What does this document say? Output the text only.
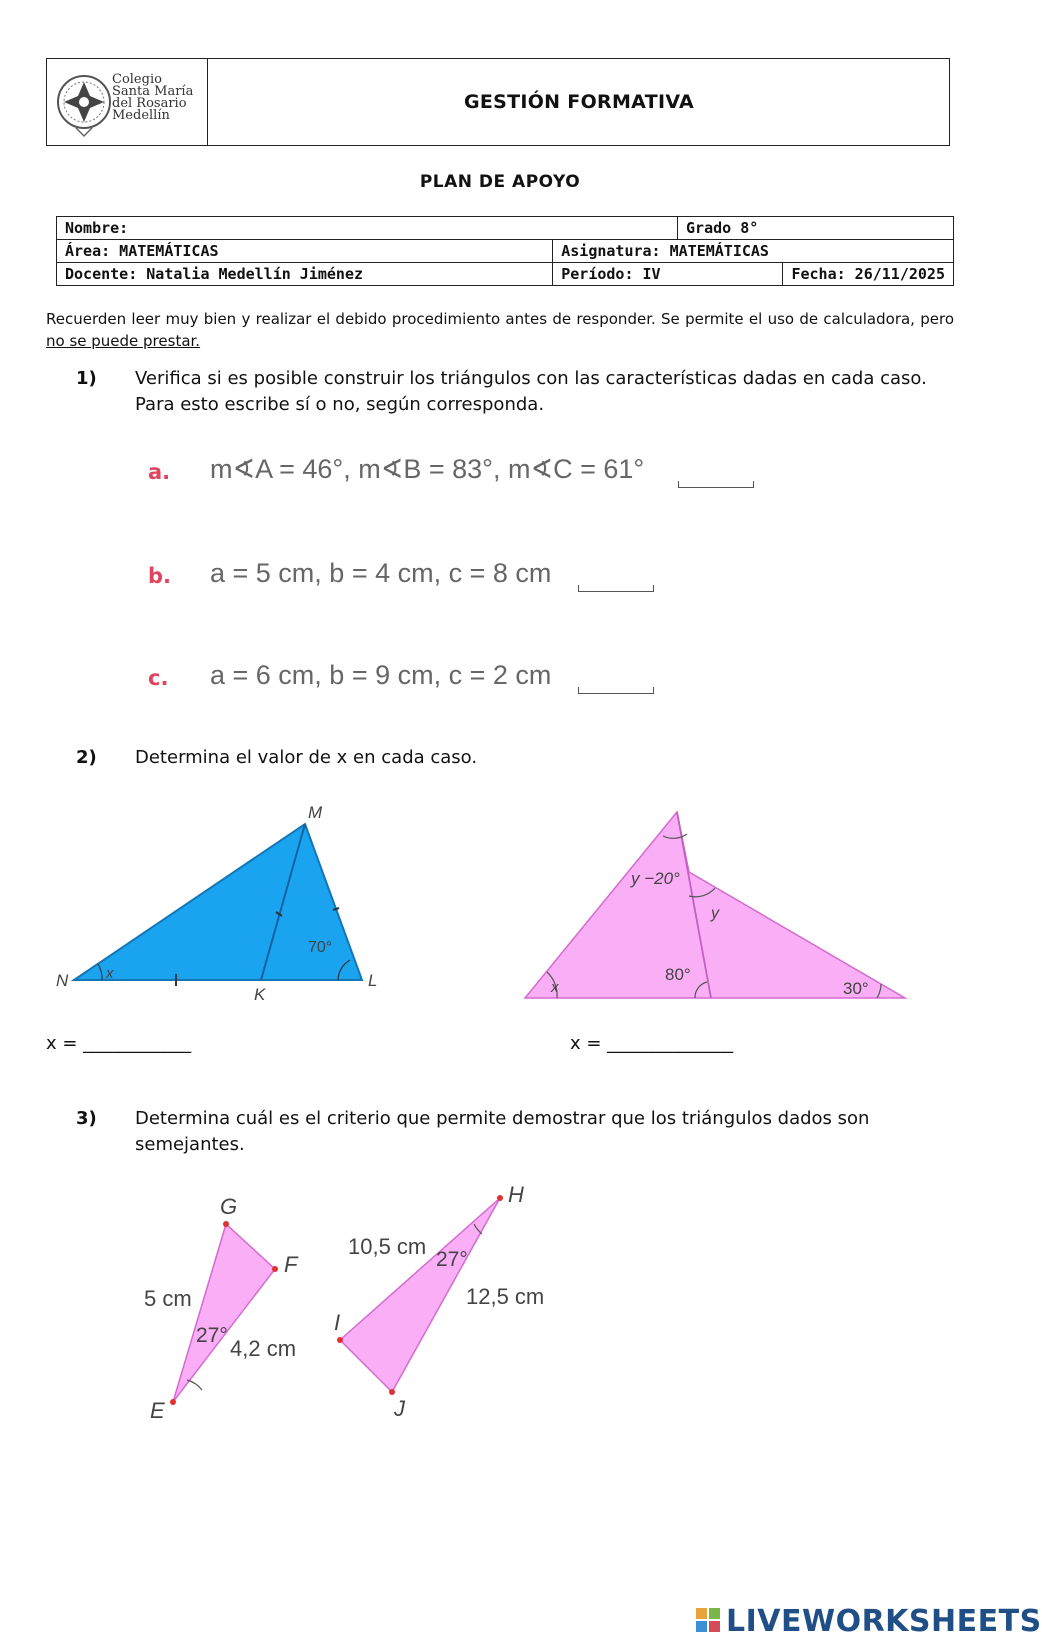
Colegio
Santa María
del Rosario
Medellín
GESTIÓN FORMATIVA
PLAN DE APOYO
Nombre:		Grado 8°	
Área: MATEMÁTICAS	Asignatura: MATEMÁTICAS		
Docente: Natalia Medellín Jiménez	Período: IV		Fecha: 26/11/2025
Recuerden leer muy bien y realizar el debido procedimiento antes de responder. Se permite el uso de calculadora, pero no se puede prestar.
1) Verifica si es posible construir los triángulos con las características dadas en cada caso.
Para esto escribe sí o no, según corresponda.
a. m∢A = 46°, m∢B = 83°, m∢C = 61°
b. a = 5 cm, b = 4 cm, c = 8 cm
c. a = 6 cm, b = 9 cm, c = 2 cm
2) Determina el valor de x en cada caso.
M
N
K
L
x
70°
y −20°
y
x
80°
30°
x = ____________	x = ______________
3) Determina cuál es el criterio que permite demostrar que los triángulos dados son
semejantes.
G
F
E
5 cm
4,2 cm
27°
H
I
J
10,5 cm
12,5 cm
27°
LIVEWORKSHEETS
